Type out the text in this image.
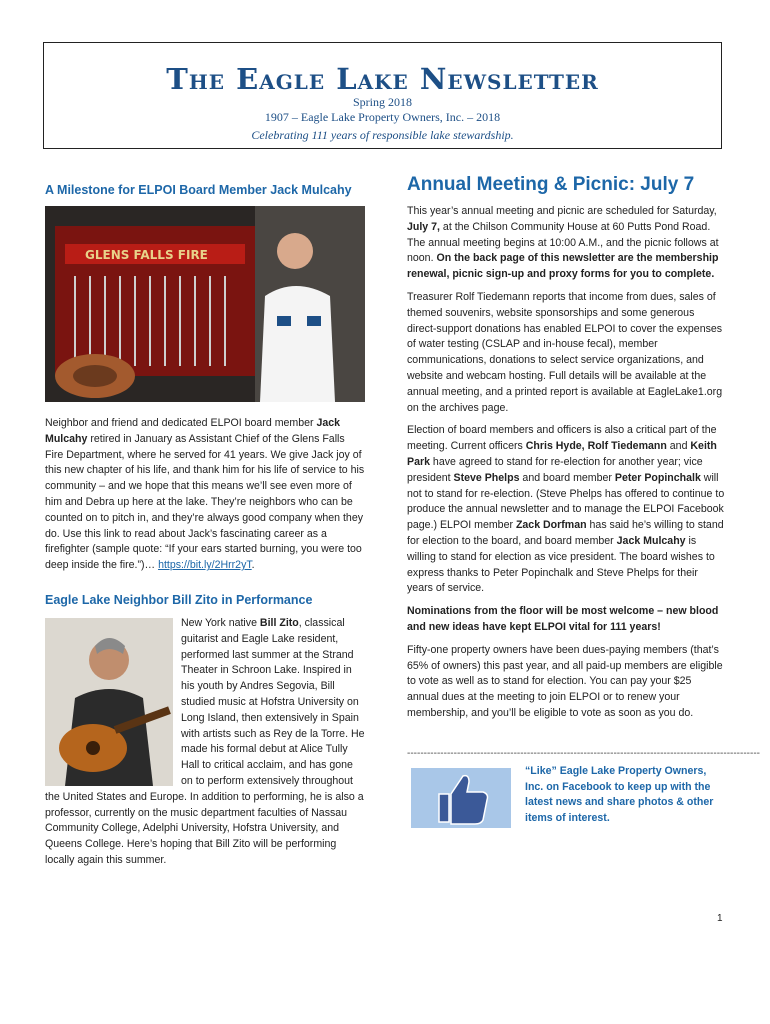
The Eagle Lake Newsletter
Spring 2018
1907 – Eagle Lake Property Owners, Inc. – 2018
Celebrating 111 years of responsible lake stewardship.
A Milestone for ELPOI Board Member Jack Mulcahy
GLENS FALLS FIRE

Neighbor and friend and dedicated ELPOI board member Jack Mulcahy retired in January as Assistant Chief of the Glens Falls Fire Department, where he served for 41 years. We give Jack joy of this new chapter of his life, and thank him for his life of service to his community – and we hope that this means we’ll see even more of him and Debra up here at the lake. They’re neighbors who can be counted on to pitch in, and they’re always good company when they do. Use this link to read about Jack’s fascinating career as a firefighter (sample quote: “If your ears started burning, you were too deep inside the fire.”)… https://bit.ly/2Hrr2yT.

Eagle Lake Neighbor Bill Zito in Performance

New York native Bill Zito, classical guitarist and Eagle Lake resident, performed last summer at the Strand Theater in Schroon Lake. Inspired in his youth by Andres Segovia, Bill studied music at Hofstra University on Long Island, then extensively in Spain with artists such as Rey de la Torre. He made his formal debut at Alice Tully Hall to critical acclaim, and has gone on to perform extensively throughout the United States and Europe. In addition to performing, he is also a professor, currently on the music department faculties of Nassau Community College, Adelphi University, Hofstra University, and Queens College. Here’s hoping that Bill Zito will be performing locally again this summer.

Annual Meeting & Picnic: July 7

This year’s annual meeting and picnic are scheduled for Saturday, July 7, at the Chilson Community House at 60 Putts Pond Road. The annual meeting begins at 10:00 A.M., and the picnic follows at noon. On the back page of this newsletter are the membership renewal, picnic sign-up and proxy forms for you to complete.

Treasurer Rolf Tiedemann reports that income from dues, sales of themed souvenirs, website sponsorships and some generous direct-support donations has enabled ELPOI to cover the expenses of water testing (CSLAP and in-house fecal), member communications, donations to select service organizations, and website and webcam hosting. Full details will be available at the annual meeting, and a printed report is available at EagleLake1.org on the archives page.

Election of board members and officers is also a critical part of the meeting. Current officers Chris Hyde, Rolf Tiedemann and Keith Park have agreed to stand for re-election for another year; vice president Steve Phelps and board member Peter Popinchalk will not to stand for re-election. (Steve Phelps has offered to continue to produce the annual newsletter and to manage the ELPOI Facebook page.) ELPOI member Zack Dorfman has said he’s willing to stand for election to the board, and board member Jack Mulcahy is willing to stand for election as vice president. The board wishes to express thanks to Peter Popinchalk and Steve Phelps for their years of service.

Nominations from the floor will be most welcome – new blood and new ideas have kept ELPOI vital for 111 years!

Fifty-one property owners have been dues-paying members (that’s 65% of owners) this past year, and all paid-up members are eligible to vote as well as to stand for election. You can pay your $25 annual dues at the meeting to join ELPOI or to renew your membership, and you’ll be eligible to vote as soon as you do.

----------------------------------------------------------------------------------------------------------
“Like” Eagle Lake Property Owners, Inc. on Facebook to keep up with the latest news and share photos & other items of interest.
1
